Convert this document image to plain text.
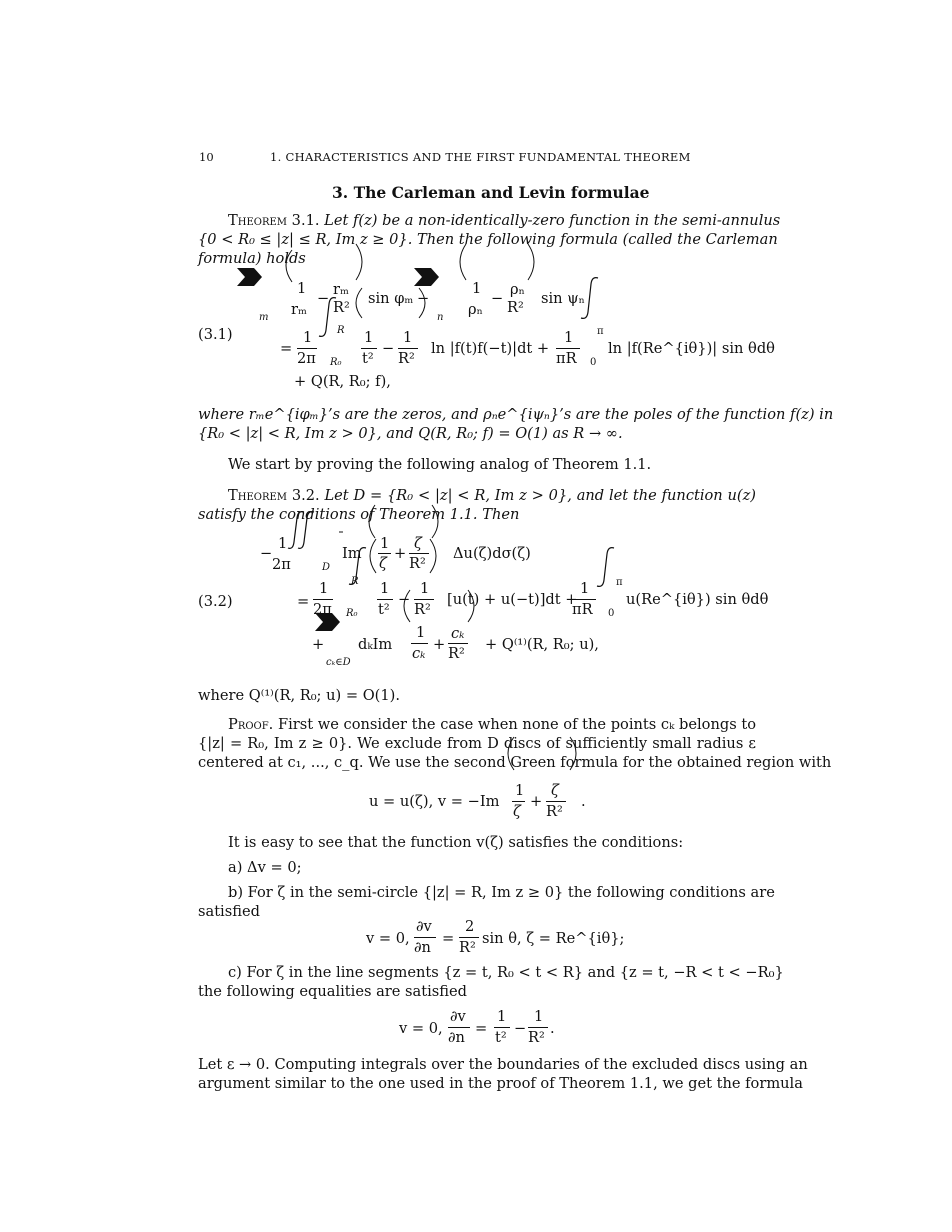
10	1. CHARACTERISTICS AND THE FIRST FUNDAMENTAL THEOREM
3. The Carleman and Levin formulae
Theorem 3.1. Let f(z) be a non-identically-zero function in the semi-annulus
{0 < R₀ ≤ |z| ≤ R, Im z ≥ 0}. Then the following formula (called the Carleman
formula) holds
1
rₘ
−
rₘ
R²
sin φₘ −
m	n
1
ρₙ
−
ρₙ
R²
sin ψₙ
R
(3.1)
=
1
2π R₀
1
t²
−
1
R²
ln |f(t)f(−t)|dt +
1
πR
π
0
ln |f(Re^{iθ})| sin θdθ
+ Q(R, R₀; f),
where rₘe^{iφₘ}’s are the zeros, and ρₙe^{iψₙ}’s are the poles of the function f(z) in
{R₀ < |z| < R, Im z > 0}, and Q(R, R₀; f) = O(1) as R → ∞.
We start by proving the following analog of Theorem 1.1.
Theorem 3.2. Let D = {R₀ < |z| < R, Im z > 0}, and let the function u(z)
satisfy the conditions of Theorem 1.1. Then
−
1
2π	D
Im
1
ζ
+
ζ
R²
Δu(ζ)dσ(ζ)
R	π
(3.2)	=
1
2π R₀
1
t²
−
1
R²
[u(t) + u(−t)]dt +
1
πR 0
u(Re^{iθ}) sin θdθ
+ dₖIm
cₖ∈D
1
cₖ
+
cₖ
R²
+ Q⁽¹⁾(R, R₀; u),
where Q⁽¹⁾(R, R₀; u) = O(1).
Proof. First we consider the case when none of the points cₖ belongs to
{|z| = R₀, Im z ≥ 0}. We exclude from D discs of sufficiently small radius ε
centered at c₁, ..., c_q. We use the second Green formula for the obtained region with
u = u(ζ), v = −Im
1
ζ
+
ζ
R²
.
It is easy to see that the function v(ζ) satisfies the conditions:
a) Δv = 0;
b) For ζ in the semi-circle {|z| = R, Im z ≥ 0} the following conditions are
satisfied
v = 0,
∂v
∂n
=
2
R²
sin θ, ζ = Re^{iθ};
c) For ζ in the line segments {z = t, R₀ < t < R} and {z = t, −R < t < −R₀}
the following equalities are satisfied
v = 0,
∂v
∂n
=
1
t²
−
1
R²
.
Let ε → 0. Computing integrals over the boundaries of the excluded discs using an
argument similar to the one used in the proof of Theorem 1.1, we get the formula
